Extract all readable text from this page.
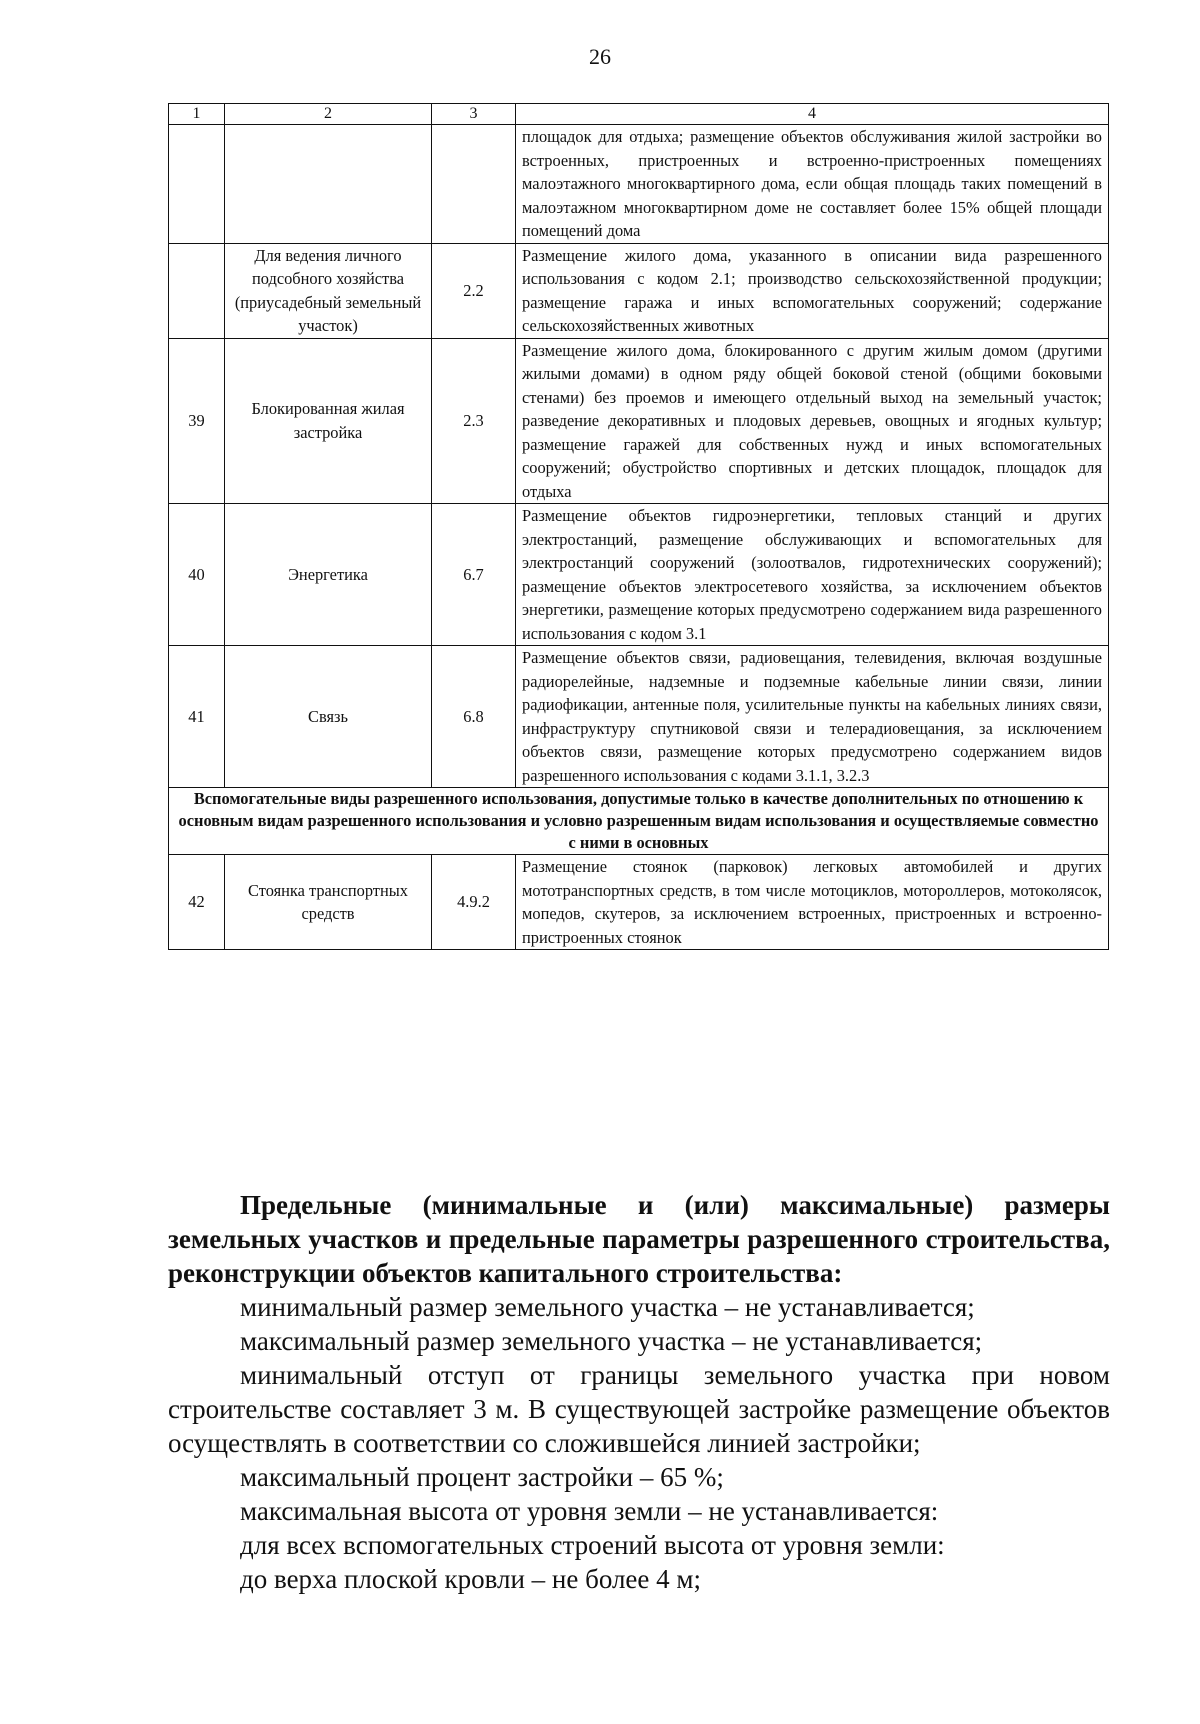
26
1	2	3	4
			площадок для отдыха; размещение объектов обслуживания жилой застройки во встроенных, пристроенных и встроенно-пристроенных помещениях малоэтажного многоквартирного дома, если общая площадь таких помещений в малоэтажном многоквартирном доме не составляет более 15% общей площади помещений дома
	Для ведения личного подсобного хозяйства (приусадебный земельный участок)	2.2	Размещение жилого дома, указанного в описании вида разрешенного использования с кодом 2.1; производство сельскохозяйственной продукции; размещение гаража и иных вспомогательных сооружений; содержание сельскохозяйственных животных
39	Блокированная жилая застройка	2.3	Размещение жилого дома, блокированного с другим жилым домом (другими жилыми домами) в одном ряду общей боковой стеной (общими боковыми стенами) без проемов и имеющего отдельный выход на земельный участок; разведение декоративных и плодовых деревьев, овощных и ягодных культур; размещение гаражей для собственных нужд и иных вспомогательных сооружений; обустройство спортивных и детских площадок, площадок для отдыха
40	Энергетика	6.7	Размещение объектов гидроэнергетики, тепловых станций и других электростанций, размещение обслуживающих и вспомогательных для электростанций сооружений (золоотвалов, гидротехнических сооружений); размещение объектов электросетевого хозяйства, за исключением объектов энергетики, размещение которых предусмотрено содержанием вида разрешенного использования с кодом 3.1
41	Связь	6.8	Размещение объектов связи, радиовещания, телевидения, включая воздушные радиорелейные, надземные и подземные кабельные линии связи, линии радиофикации, антенные поля, усилительные пункты на кабельных линиях связи, инфраструктуру спутниковой связи и телерадиовещания, за исключением объектов связи, размещение которых предусмотрено содержанием видов разрешенного использования с кодами 3.1.1, 3.2.3
Вспомогательные виды разрешенного использования, допустимые только в качестве дополнительных по отношению к основным видам разрешенного использования и условно разрешенным видам использования и осуществляемые совместно с ними в основных			
42	Стоянка транспортных средств	4.9.2	Размещение стоянок (парковок) легковых автомобилей и других мототранспортных средств, в том числе мотоциклов, мотороллеров, мотоколясок, мопедов, скутеров, за исключением встроенных, пристроенных и встроенно-пристроенных стоянок

Предельные (минимальные и (или) максимальные) размеры земельных участков и предельные параметры разрешенного строительства, реконструкции объектов капитального строительства:

минимальный размер земельного участка – не устанавливается;

максимальный размер земельного участка – не устанавливается;

минимальный отступ от границы земельного участка при новом строительстве составляет 3 м. В существующей застройке размещение объектов осуществлять в соответствии со сложившейся линией застройки;

максимальный процент застройки – 65 %;

максимальная высота от уровня земли – не устанавливается:

для всех вспомогательных строений высота от уровня земли:

до верха плоской кровли – не более 4 м;
